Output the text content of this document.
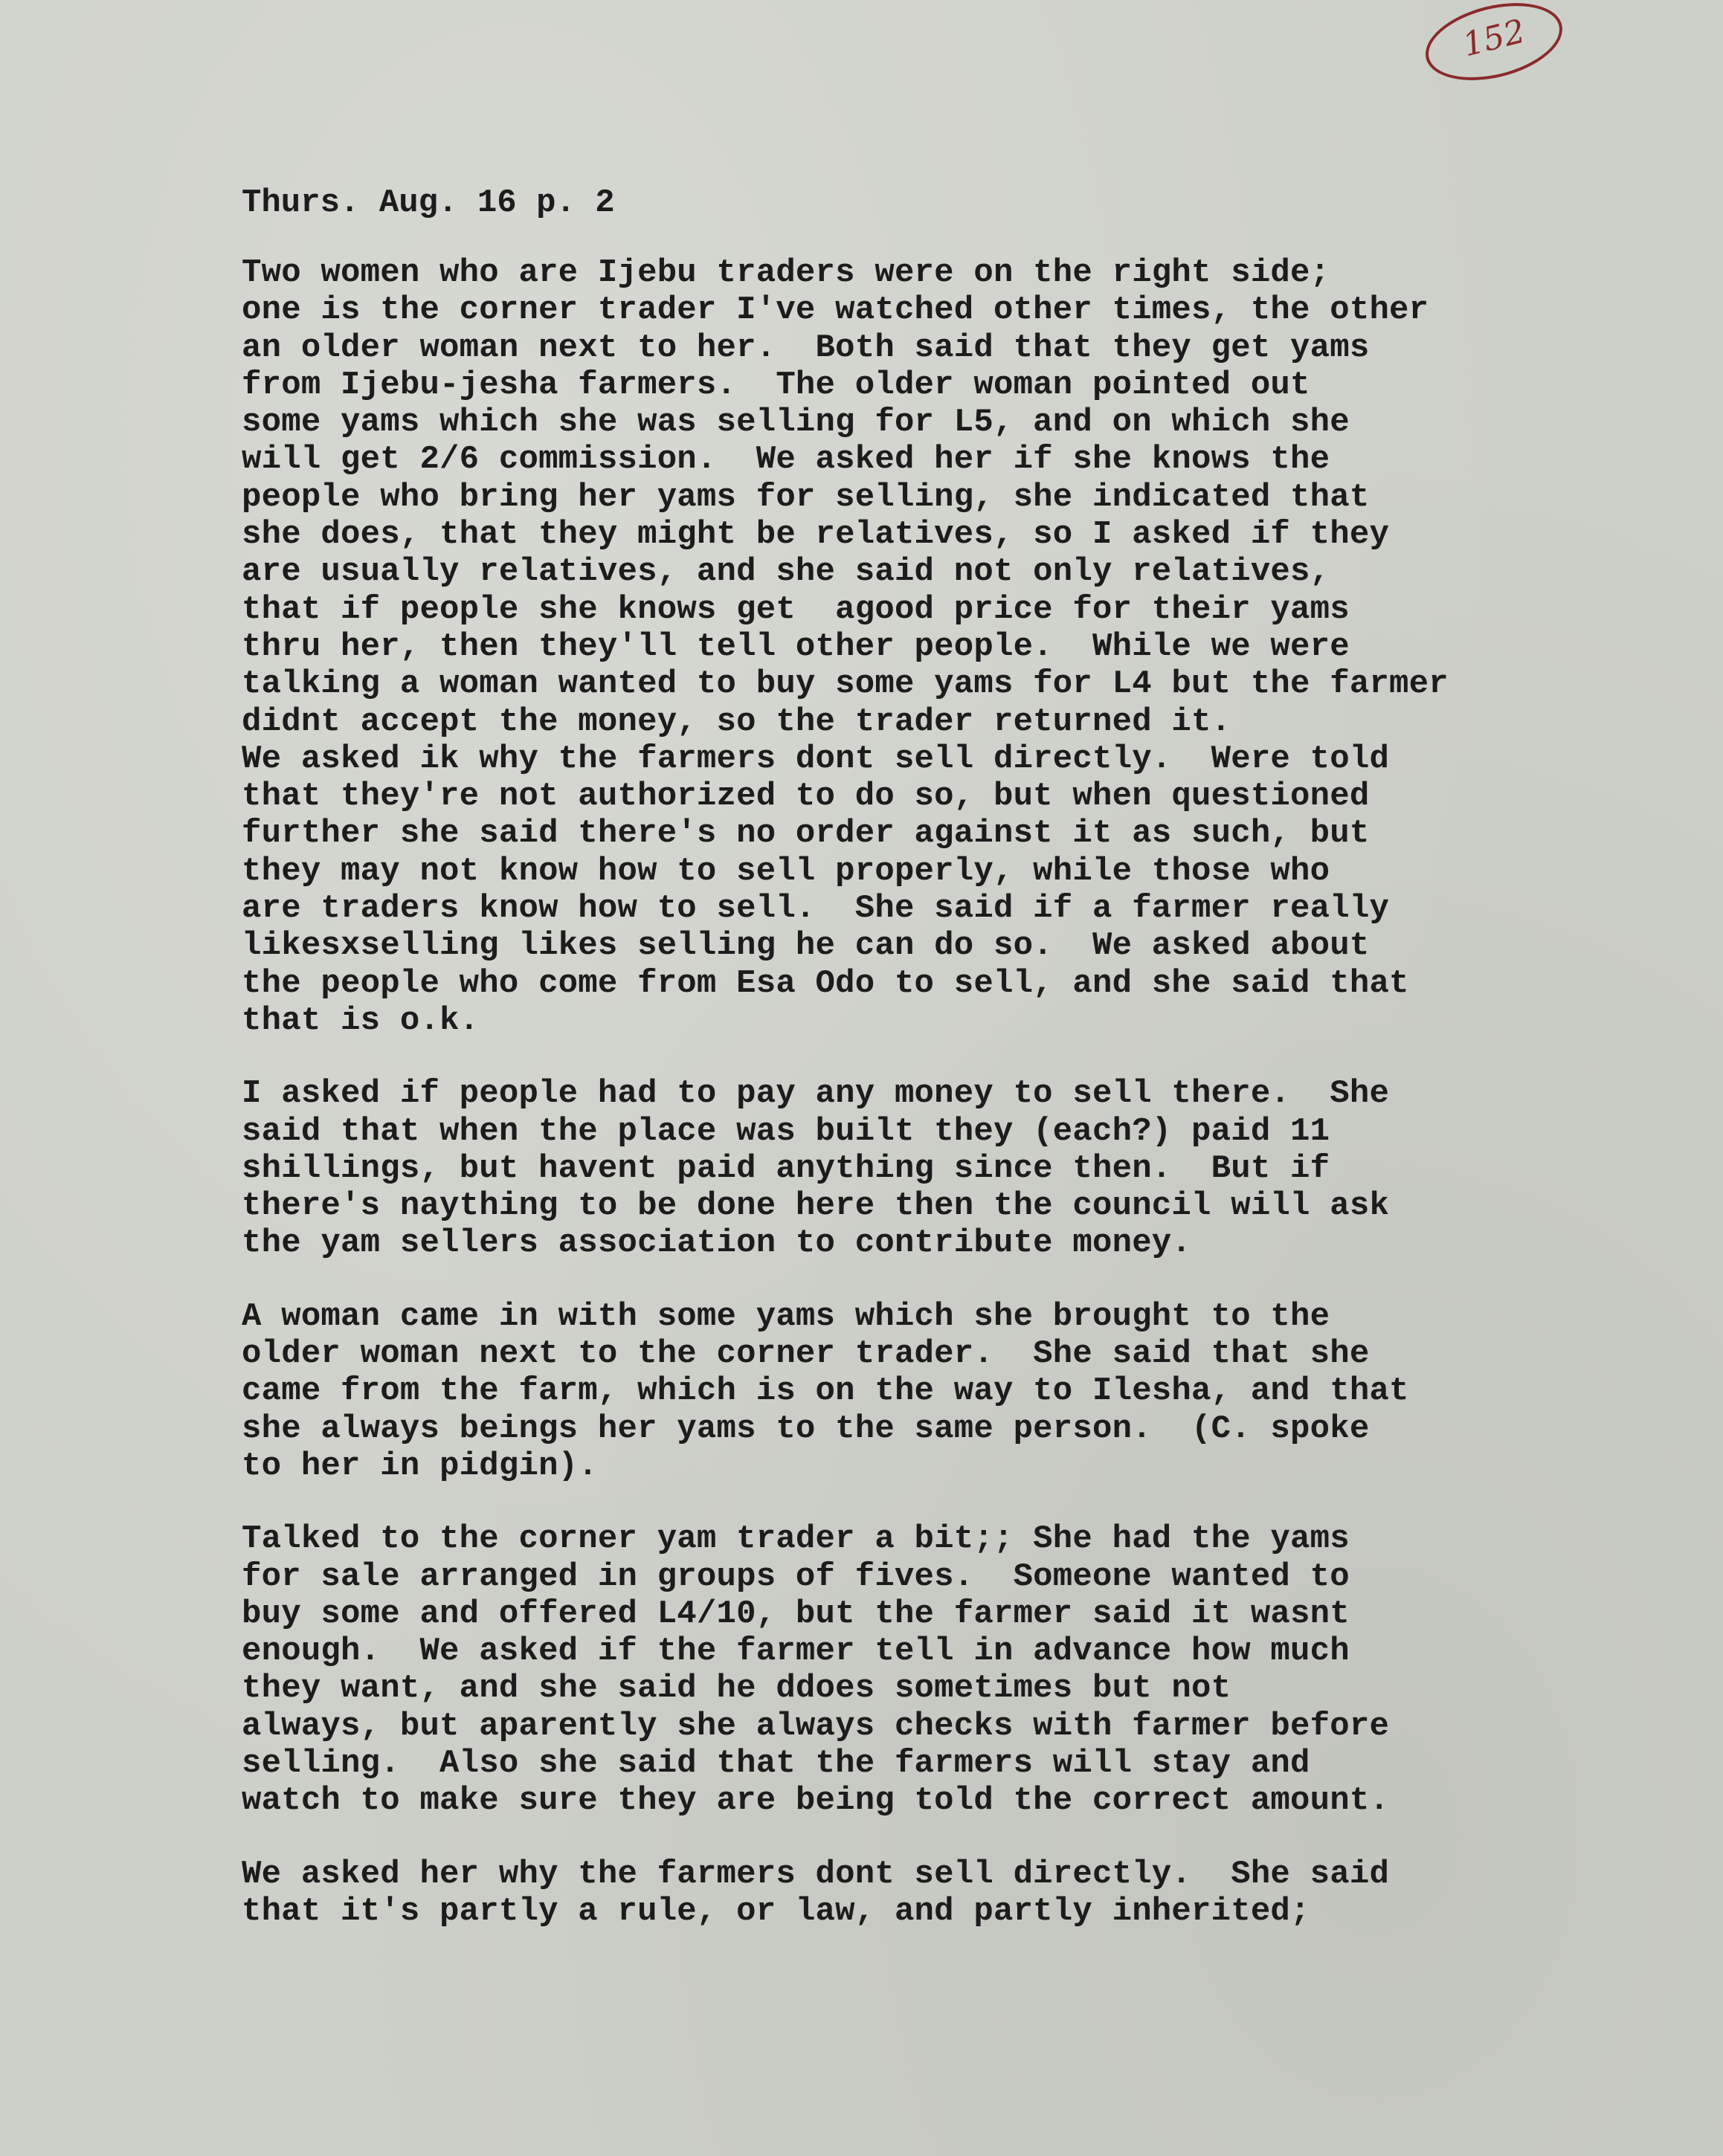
152
Thurs. Aug. 16 p. 2
Two women who are Ijebu traders were on the right side;
one is the corner trader I've watched other times, the other
an older woman next to her.  Both said that they get yams
from Ijebu-jesha farmers.  The older woman pointed out
some yams which she was selling for L5, and on which she
will get 2/6 commission.  We asked her if she knows the
people who bring her yams for selling, she indicated that
she does, that they might be relatives, so I asked if they
are usually relatives, and she said not only relatives,
that if people she knows get  agood price for their yams
thru her, then they'll tell other people.  While we were
talking a woman wanted to buy some yams for L4 but the farmer
didnt accept the money, so the trader returned it.
We asked ik why the farmers dont sell directly.  Were told
that they're not authorized to do so, but when questioned
further she said there's no order against it as such, but
they may not know how to sell properly, while those who
are traders know how to sell.  She said if a farmer really
likesxselling likes selling he can do so.  We asked about
the people who come from Esa Odo to sell, and she said that
that is o.k.
I asked if people had to pay any money to sell there.  She
said that when the place was built they (each?) paid 11
shillings, but havent paid anything since then.  But if
there's naything to be done here then the council will ask
the yam sellers association to contribute money.
A woman came in with some yams which she brought to the
older woman next to the corner trader.  She said that she
came from the farm, which is on the way to Ilesha, and that
she always beings her yams to the same person.  (C. spoke
to her in pidgin).
Talked to the corner yam trader a bit;; She had the yams
for sale arranged in groups of fives.  Someone wanted to
buy some and offered L4/10, but the farmer said it wasnt
enough.  We asked if the farmer tell in advance how much
they want, and she said he ddoes sometimes but not
always, but aparently she always checks with farmer before
selling.  Also she said that the farmers will stay and
watch to make sure they are being told the correct amount.
We asked her why the farmers dont sell directly.  She said
that it's partly a rule, or law, and partly inherited;
